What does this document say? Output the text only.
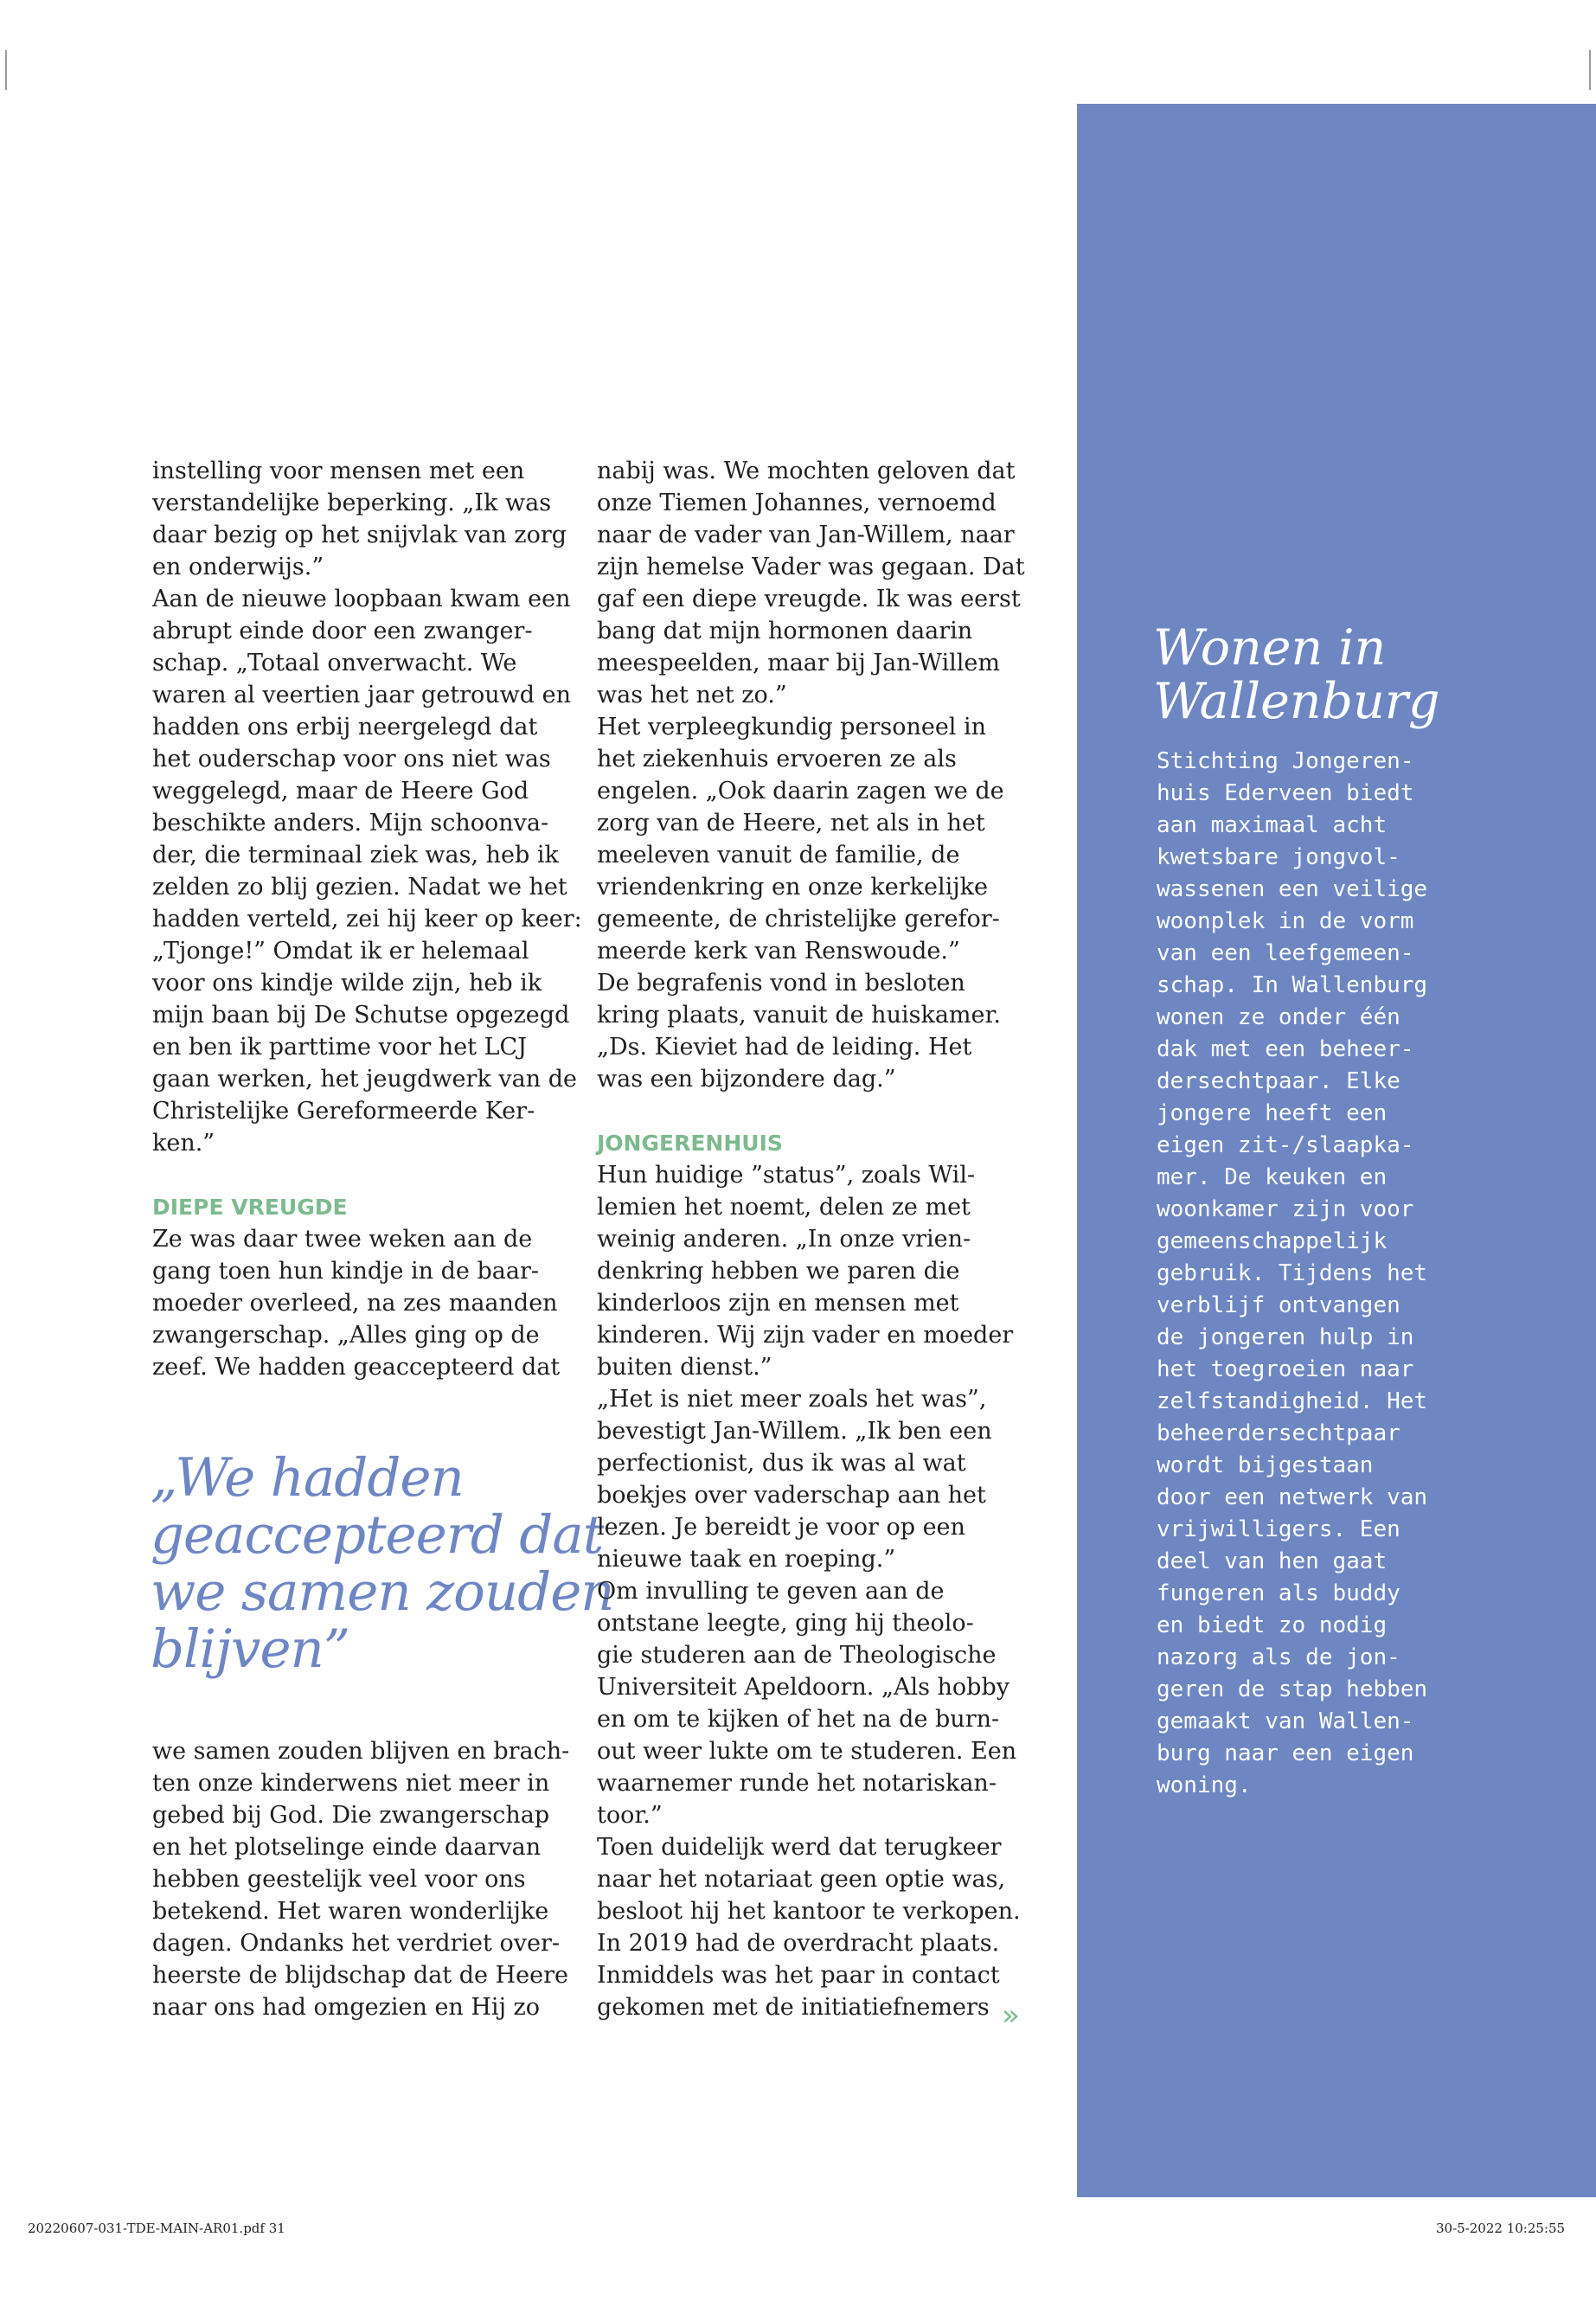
instelling voor mensen met een

verstandelijke beperking. „Ik was

daar bezig op het snijvlak van zorg

en onderwijs.”

Aan de nieuwe loopbaan kwam een

abrupt einde door een zwanger-

schap. „Totaal onverwacht. We

waren al veertien jaar getrouwd en

hadden ons erbij neergelegd dat

het ouderschap voor ons niet was

weggelegd, maar de Heere God

beschikte anders. Mijn schoonva-

der, die terminaal ziek was, heb ik

zelden zo blij gezien. Nadat we het

hadden verteld, zei hij keer op keer:

„Tjonge!” Omdat ik er helemaal

voor ons kindje wilde zijn, heb ik

mijn baan bij De Schutse opgezegd

en ben ik parttime voor het LCJ

gaan werken, het jeugdwerk van de

Christelijke Gereformeerde Ker-

ken.”

DIEPE VREUGDE

Ze was daar twee weken aan de

gang toen hun kindje in de baar-

moeder overleed, na zes maanden

zwangerschap. „Alles ging op de

zeef. We hadden geaccepteerd dat

we samen zouden blijven en brach-

ten onze kinderwens niet meer in

gebed bij God. Die zwangerschap

en het plotselinge einde daarvan

hebben geestelijk veel voor ons

betekend. Het waren wonderlijke

dagen. Ondanks het verdriet over-

heerste de blijdschap dat de Heere

naar ons had omgezien en Hij zo

„We hadden
geaccepteerd dat
we samen zouden
blijven”

nabij was. We mochten geloven dat

onze Tiemen Johannes, vernoemd

naar de vader van Jan-Willem, naar

zijn hemelse Vader was gegaan. Dat

gaf een diepe vreugde. Ik was eerst

bang dat mijn hormonen daarin

meespeelden, maar bij Jan-Willem

was het net zo.”

Het verpleegkundig personeel in

het ziekenhuis ervoeren ze als

engelen. „Ook daarin zagen we de

zorg van de Heere, net als in het

meeleven vanuit de familie, de

vriendenkring en onze kerkelijke

gemeente, de christelijke gerefor-

meerde kerk van Renswoude.”

De begrafenis vond in besloten

kring plaats, vanuit de huiskamer.

„Ds. Kieviet had de leiding. Het

was een bijzondere dag.”

JONGERENHUIS

Hun huidige ”status”, zoals Wil-

lemien het noemt, delen ze met

weinig anderen. „In onze vrien-

denkring hebben we paren die

kinderloos zijn en mensen met

kinderen. Wij zijn vader en moeder

buiten dienst.”

„Het is niet meer zoals het was”,

bevestigt Jan-Willem. „Ik ben een

perfectionist, dus ik was al wat

boekjes over vaderschap aan het

lezen. Je bereidt je voor op een

nieuwe taak en roeping.”

Om invulling te geven aan de

ontstane leegte, ging hij theolo-

gie studeren aan de Theologische

Universiteit Apeldoorn. „Als hobby

en om te kijken of het na de burn-

out weer lukte om te studeren. Een

waarnemer runde het notariskan-

toor.”

Toen duidelijk werd dat terugkeer

naar het notariaat geen optie was,

besloot hij het kantoor te verkopen.

In 2019 had de overdracht plaats.

Inmiddels was het paar in contact

gekomen met de initiatiefnemers »
Wonen in
Wallenburg
Stichting Jongeren-
huis Ederveen biedt
aan maximaal acht
kwetsbare jongvol-
wassenen een veilige
woonplek in de vorm
van een leefgemeen-
schap. In Wallenburg
wonen ze onder één
dak met een beheer-
dersechtpaar. Elke
jongere heeft een
eigen zit-/slaapka-
mer. De keuken en
woonkamer zijn voor
gemeenschappelijk
gebruik. Tijdens het
verblijf ontvangen
de jongeren hulp in
het toegroeien naar
zelfstandigheid. Het
beheerdersechtpaar
wordt bijgestaan
door een netwerk van
vrijwilligers. Een
deel van hen gaat
fungeren als buddy
en biedt zo nodig
nazorg als de jon-
geren de stap hebben
gemaakt van Wallen-
burg naar een eigen
woning.
20220607-031-TDE-MAIN-AR01.pdf 31	30-5-2022 10:25:55
